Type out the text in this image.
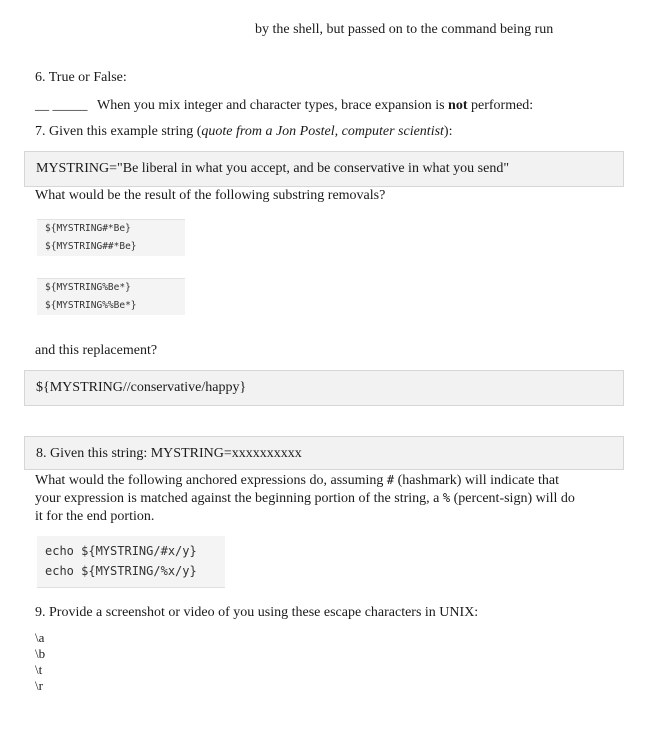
by the shell, but passed on to the command being run
6. True or False:
__ _____ When you mix integer and character types, brace expansion is not performed:
7. Given this example string (quote from a Jon Postel, computer scientist):
MYSTRING="Be liberal in what you accept, and be conservative in what you send"
What would be the result of the following substring removals?
${MYSTRING#*Be}
${MYSTRING##*Be}
${MYSTRING%Be*}
${MYSTRING%%Be*}
and this replacement?
${MYSTRING//conservative/happy}
8. Given this string: MYSTRING=xxxxxxxxxx
What would the following anchored expressions do, assuming # (hashmark) will indicate that
your expression is matched against the beginning portion of the string, a % (percent-sign) will do
it for the end portion.
echo ${MYSTRING/#x/y}
echo ${MYSTRING/%x/y}
9. Provide a screenshot or video of you using these escape characters in UNIX:
\a
\b
\t
\r
